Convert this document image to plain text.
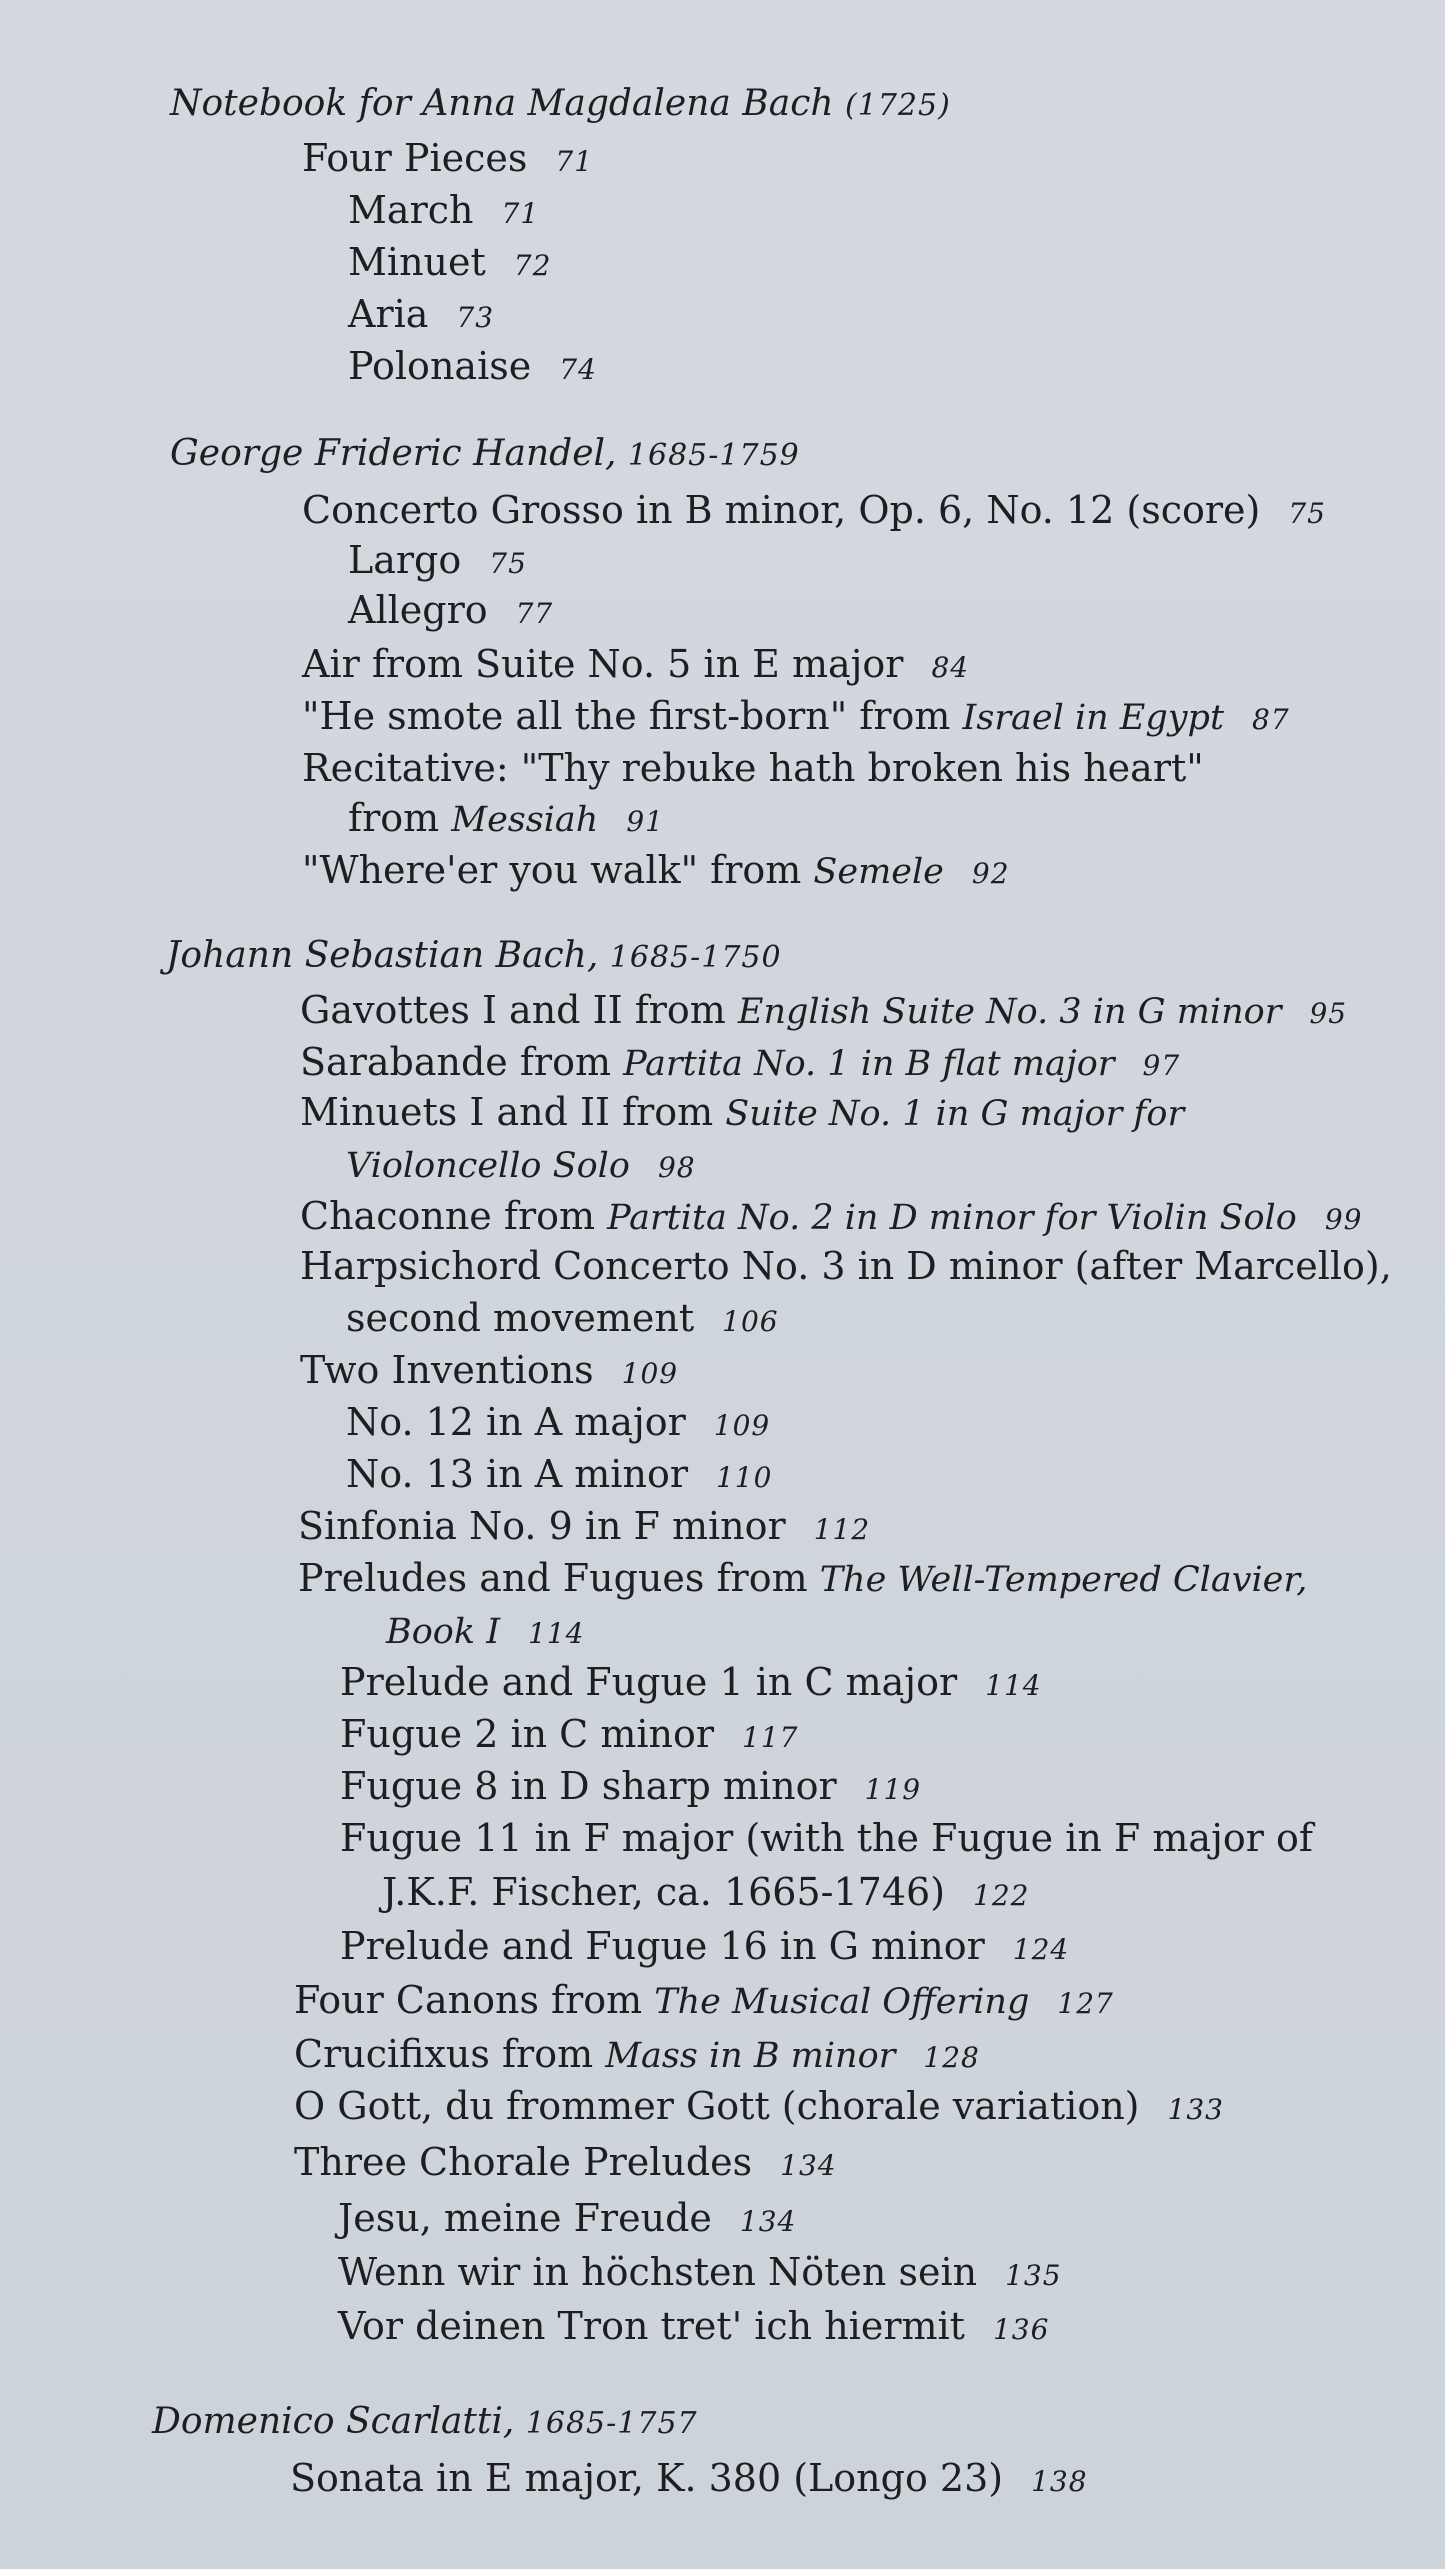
Notebook for Anna Magdalena Bach (1725)
Four Pieces 71
March 71
Minuet 72
Aria 73
Polonaise 74
George Frideric Handel, 1685-1759
Concerto Grosso in B minor, Op. 6, No. 12 (score) 75
Largo 75
Allegro 77
Air from Suite No. 5 in E major 84
"He smote all the first-born" from Israel in Egypt 87
Recitative: "Thy rebuke hath broken his heart"
from Messiah 91
"Where'er you walk" from Semele 92
Johann Sebastian Bach, 1685-1750
Gavottes I and II from English Suite No. 3 in G minor 95
Sarabande from Partita No. 1 in B flat major 97
Minuets I and II from Suite No. 1 in G major for
Violoncello Solo 98
Chaconne from Partita No. 2 in D minor for Violin Solo 99
Harpsichord Concerto No. 3 in D minor (after Marcello),
second movement 106
Two Inventions 109
No. 12 in A major 109
No. 13 in A minor 110
Sinfonia No. 9 in F minor 112
Preludes and Fugues from The Well-Tempered Clavier,
Book I 114
Prelude and Fugue 1 in C major 114
Fugue 2 in C minor 117
Fugue 8 in D sharp minor 119
Fugue 11 in F major (with the Fugue in F major of
J.K.F. Fischer, ca. 1665-1746) 122
Prelude and Fugue 16 in G minor 124
Four Canons from The Musical Offering 127
Crucifixus from Mass in B minor 128
O Gott, du frommer Gott (chorale variation) 133
Three Chorale Preludes 134
Jesu, meine Freude 134
Wenn wir in höchsten Nöten sein 135
Vor deinen Tron tret' ich hiermit 136
Domenico Scarlatti, 1685-1757
Sonata in E major, K. 380 (Longo 23) 138
